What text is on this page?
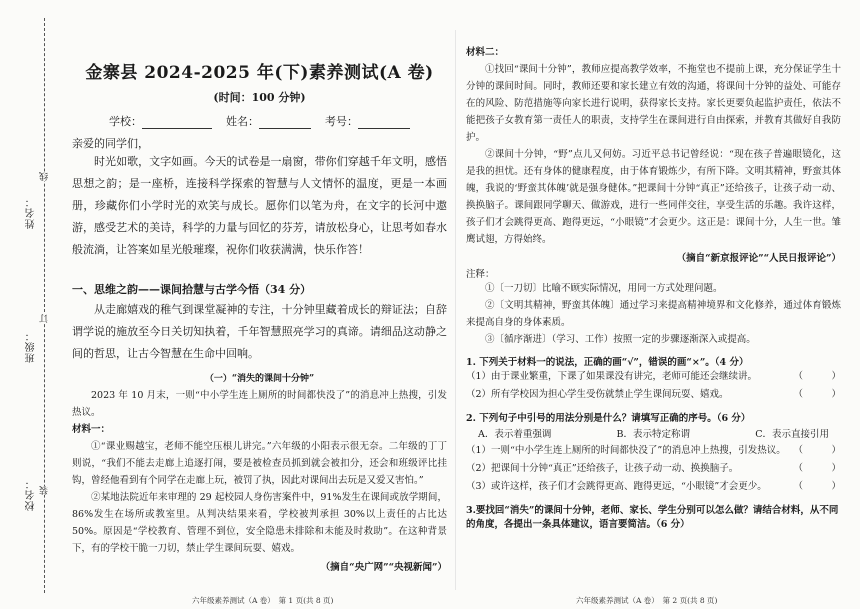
姓名：
班级：
校名：
线
订
装
金寨县 2024-2025 年(下)素养测试(A 卷)
(时间：100 分钟)
学校：	姓名：	考号：

亲爱的同学们，

时光如歌，文字如画。今天的试卷是一扇窗，带你们穿越千年文明，感悟思想之韵；是一座桥，连接科学探索的智慧与人文情怀的温度，更是一本画册，珍藏你们小学时光的欢笑与成长。愿你们以笔为舟，在文字的长河中遨游，感受艺术的美诗，科学的力量与回忆的芬芳，请放松身心，让思考如春水般流淌，让答案如星光般璀璨，祝你们收获满满，快乐作答！

一、思维之韵——课间拾慧与古学今悟（34 分）

从走廊嬉戏的稚气到课堂凝神的专注，十分钟里藏着成长的辩证法；自辞谓学说的施放至今日关切知执着，千年智慧照亮学习的真谛。请细品这动静之间的哲思，让古今智慧在生命中回响。

（一）“消失的课间十分钟”

2023 年 10 月末，一则“中小学生连上厕所的时间都快没了”的消息冲上热搜，引发热议。

材料一：

①“课业赐越宝，老师不能空压根儿讲完。”六年级的小阳表示很无奈。二年级的丁丁则说，“我们不能去走廊上追逐打闹，要是被检查员抓到就会被扣分，还会和班级评比挂钩，曾经他看到有个同学在走廊上玩，被罚了执，因此对课间出去玩是又爱又害怕。”

②某地法院近年来审理的 29 起校园人身伤害案件中，91%发生在课间或放学期间，86%发生在场所或教室里。从判决结果来看，学校被判承担 30%以上责任的占比达 50%。原因是“学校教育、管理不到位，安全隐患未排除和未能及时救助”。在这种背景下，有的学校干脆一刀切，禁止学生课间玩耍、嬉戏。

（摘自“央广网”“央视新闻”）

六年级素养测试（A 卷）　第 1 页(共 8 页)

材料二：

①找回“课间十分钟”，教师应提高教学效率，不拖堂也不提前上课，充分保证学生十分钟的课间时间。同时，教师还要和家长建立有效的沟通，将课间十分钟的益处、可能存在的风险、防范措施等向家长进行说明，获得家长支持。家长更要负起监护责任，依法不能把孩子女教育第一责任人的职责，支持学生在课间进行自由探索，并教育其做好自我防护。

②课间十分钟，“野”点儿又何妨。习近平总书记曾经说：“现在孩子普遍眼镜化，这是我的担忧。还有身体的健康程度，由于体育锻炼少，有所下降。文明其精神，野蛮其体魄，我说的‘野蛮其体魄’就是强身健体。”把课间十分钟“真正”还给孩子，让孩子动一动、换换脑子。课间跟同学聊天、做游戏，进行一些同伴交往，享受生活的乐趣。我许这样，孩子们才会跳得更高、跑得更远，“小眼镜”才会更少。这正是：课间十分，人生一世。雏鹰试翅，方得始终。

（摘自“新京报评论”“人民日报评论”）

注释：

①〔一刀切〕比喻不顾实际情况，用同一方式处理问题。

②〔文明其精神，野蛮其体魄〕通过学习来提高精神境界和文化修养，通过体育锻炼来提高自身的身体素质。

③〔循序渐进〕（学习、工作）按照一定的步骤逐渐深入或提高。

1. 下列关于材料一的说法，正确的画“√”，错误的画“×”。（4 分）

（1）由于课业繁重，下课了如果课没有讲完，老师可能还会继续讲。	（　　　）
（2）所有学校因为担心学生受伤就禁止学生课间玩耍、嬉戏。	（　　　）

2. 下列句子中引号的用法分别是什么？请填写正确的序号。（6 分）

A．表示着重强调	B．表示特定称谓	C．表示直接引用
（1）一则“中小学生连上厕所的时间都快没了”的消息冲上热搜，引发热议。 （　　　）
（2）把课间十分钟“真正”还给孩子，让孩子动一动、换换脑子。	（　　　）
（3）或许这样，孩子们才会跳得更高、跑得更远，“小眼镜”才会更少。	（　　　）

3.要找回“消失”的课间十分钟，老师、家长、学生分别可以怎么做？请结合材料，从不同的角度，各提出一条具体建议，语言要简洁。（6 分）

六年级素养测试（A 卷）　第 2 页(共 8 页)
